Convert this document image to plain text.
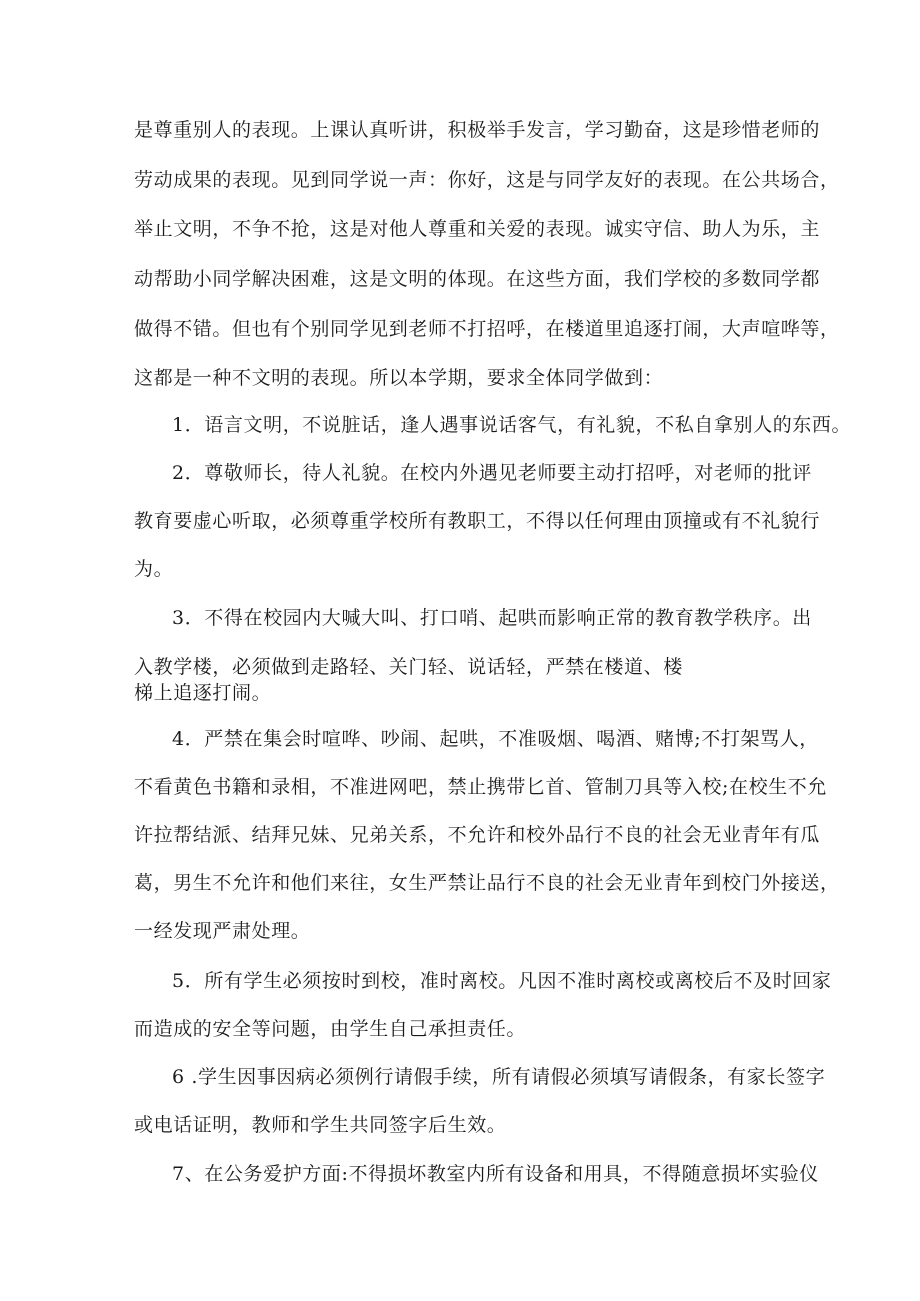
是尊重别人的表现。上课认真听讲，积极举手发言，学习勤奋，这是珍惜老师的
劳动成果的表现。见到同学说一声：你好，这是与同学友好的表现。在公共场合，
举止文明，不争不抢，这是对他人尊重和关爱的表现。诚实守信、助人为乐，主
动帮助小同学解决困难，这是文明的体现。在这些方面，我们学校的多数同学都
做得不错。但也有个别同学见到老师不打招呼，在楼道里追逐打闹，大声喧哗等，
这都是一种不文明的表现。所以本学期，要求全体同学做到：
1．语言文明，不说脏话，逢人遇事说话客气，有礼貌，不私自拿别人的东西。
2．尊敬师长，待人礼貌。在校内外遇见老师要主动打招呼，对老师的批评
教育要虚心听取，必须尊重学校所有教职工，不得以任何理由顶撞或有不礼貌行
为。
3．不得在校园内大喊大叫、打口哨、起哄而影响正常的教育教学秩序。出
入教学楼，必须做到走路轻、关门轻、说话轻，严禁在楼道、楼
梯上追逐打闹。
4．严禁在集会时喧哗、吵闹、起哄，不准吸烟、喝酒、赌博;不打架骂人，
不看黄色书籍和录相，不准进网吧，禁止携带匕首、管制刀具等入校;在校生不允
许拉帮结派、结拜兄妹、兄弟关系，不允许和校外品行不良的社会无业青年有瓜
葛，男生不允许和他们来往，女生严禁让品行不良的社会无业青年到校门外接送，
一经发现严肃处理。
5．所有学生必须按时到校，准时离校。凡因不准时离校或离校后不及时回家
而造成的安全等问题，由学生自己承担责任。
6 .学生因事因病必须例行请假手续，所有请假必须填写请假条，有家长签字
或电话证明，教师和学生共同签字后生效。
7、在公务爱护方面:不得损坏教室内所有设备和用具，不得随意损坏实验仪
